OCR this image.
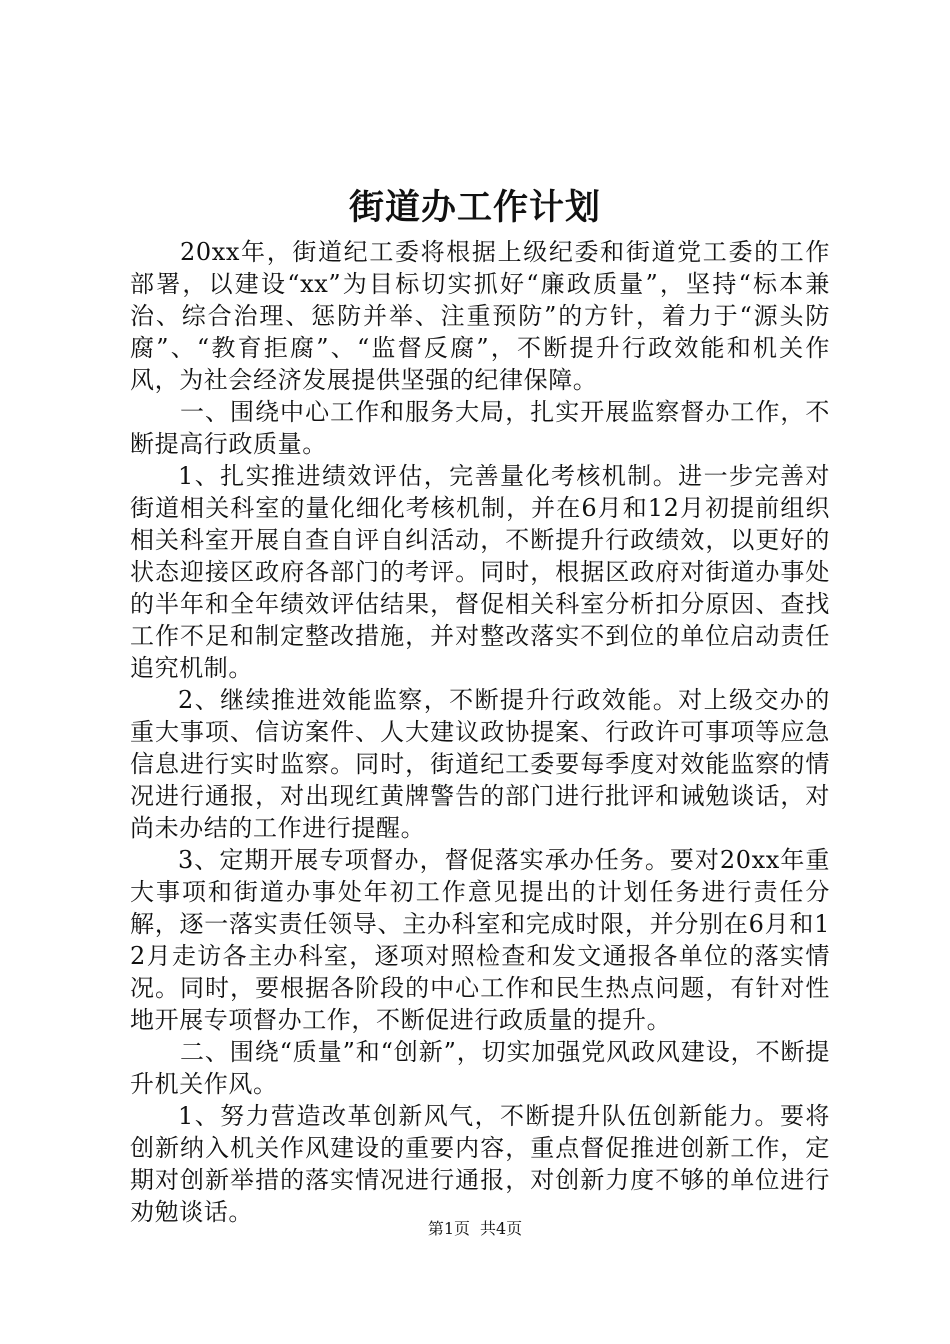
街道办工作计划

20xx年，街道纪工委将根据上级纪委和街道党工委的工作部署，以建设“xx”为目标切实抓好“廉政质量”，坚持“标本兼治、综合治理、惩防并举、注重预防”的方针，着力于“源头防腐”、“教育拒腐”、“监督反腐”，不断提升行政效能和机关作风，为社会经济发展提供坚强的纪律保障。

一、围绕中心工作和服务大局，扎实开展监察督办工作，不断提高行政质量。

1、扎实推进绩效评估，完善量化考核机制。进一步完善对街道相关科室的量化细化考核机制，并在6月和12月初提前组织相关科室开展自查自评自纠活动，不断提升行政绩效，以更好的状态迎接区政府各部门的考评。同时，根据区政府对街道办事处的半年和全年绩效评估结果，督促相关科室分析扣分原因、查找工作不足和制定整改措施，并对整改落实不到位的单位启动责任追究机制。

2、继续推进效能监察，不断提升行政效能。对上级交办的重大事项、信访案件、人大建议政协提案、行政许可事项等应急信息进行实时监察。同时，街道纪工委要每季度对效能监察的情况进行通报，对出现红黄牌警告的部门进行批评和诫勉谈话，对尚未办结的工作进行提醒。

3、定期开展专项督办，督促落实承办任务。要对20xx年重大事项和街道办事处年初工作意见提出的计划任务进行责任分解，逐一落实责任领导、主办科室和完成时限，并分别在6月和12月走访各主办科室，逐项对照检查和发文通报各单位的落实情况。同时，要根据各阶段的中心工作和民生热点问题，有针对性地开展专项督办工作，不断促进行政质量的提升。

二、围绕“质量”和“创新”，切实加强党风政风建设，不断提升机关作风。

1、努力营造改革创新风气，不断提升队伍创新能力。要将创新纳入机关作风建设的重要内容，重点督促推进创新工作，定期对创新举措的落实情况进行通报，对创新力度不够的单位进行劝勉谈话。

第1页 共4页
